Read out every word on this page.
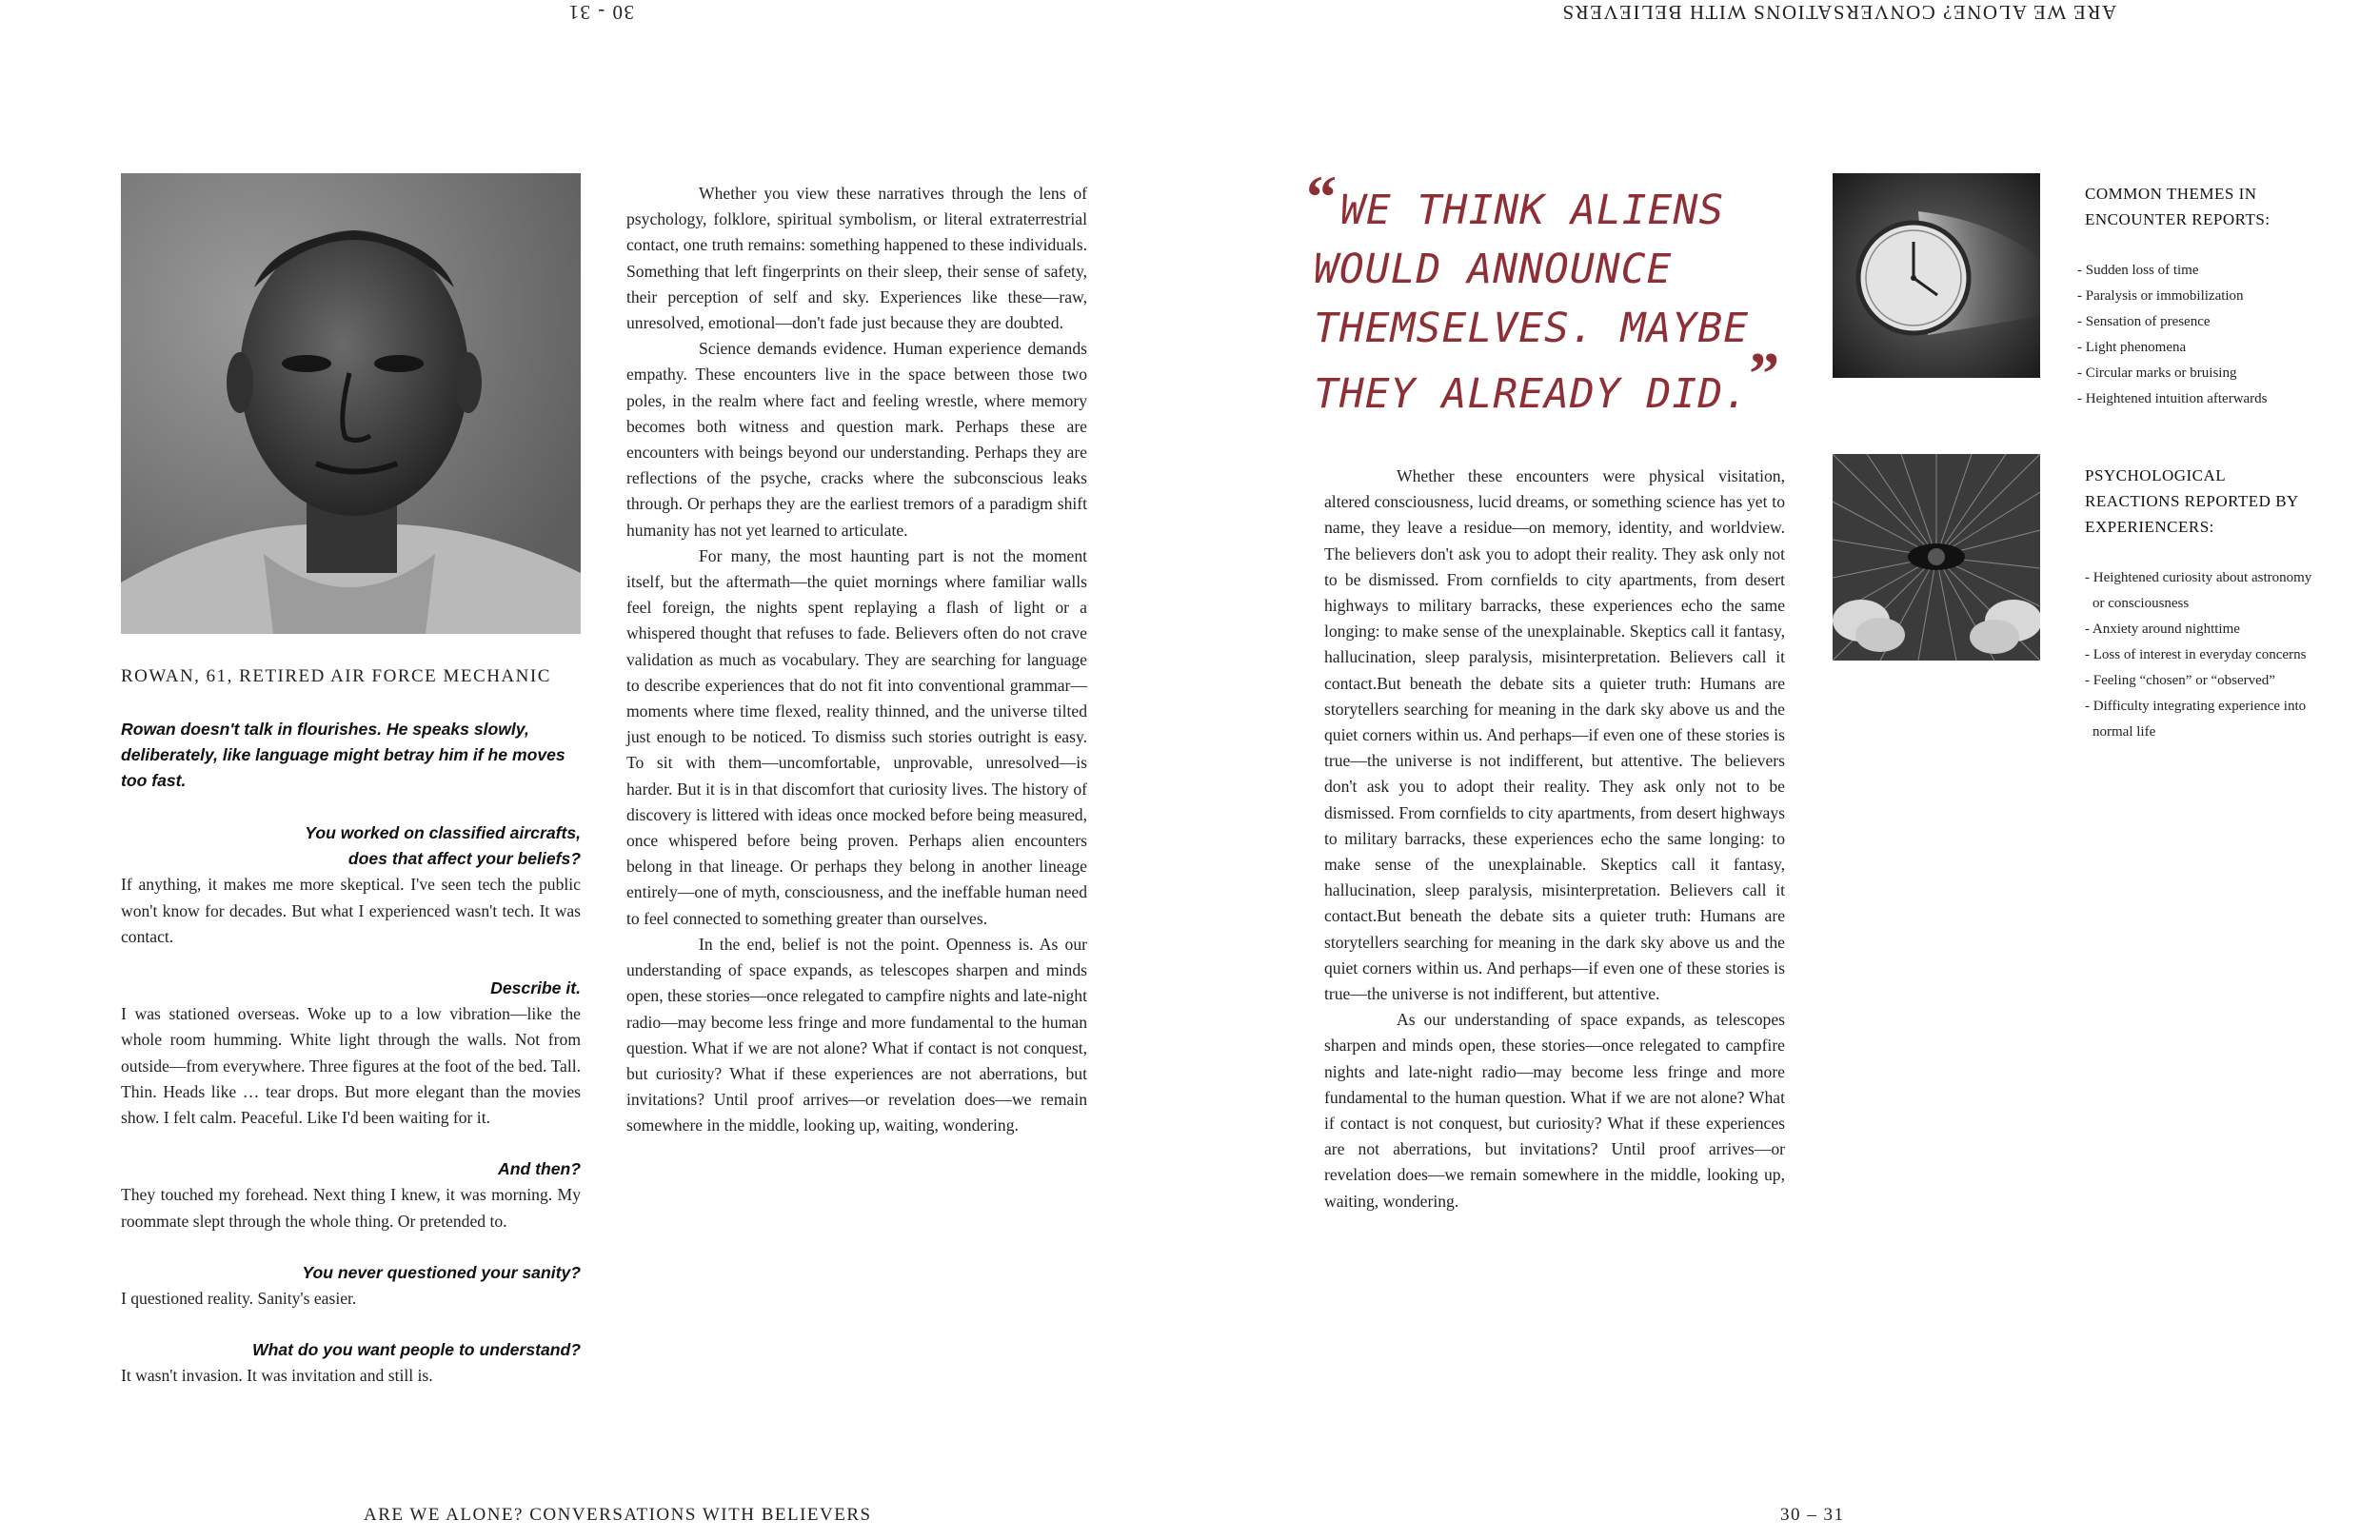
30 - 31	ARE WE ALONE? CONVERSATIONS WITH BELIEVERS
ROWAN, 61, RETIRED AIR FORCE MECHANIC
Rowan doesn't talk in flourishes. He speaks slowly, deliberately, like language might betray him if he moves too fast.
You worked on classified aircrafts,
does that affect your beliefs?
If anything, it makes me more skeptical. I've seen tech the public won't know for decades. But what I experienced wasn't tech. It was contact.
Describe it.
I was stationed overseas. Woke up to a low vibration—like the whole room humming. White light through the walls. Not from outside—from everywhere. Three figures at the foot of the bed. Tall. Thin. Heads like … tear drops. But more elegant than the movies show. I felt calm. Peaceful. Like I'd been waiting for it.
And then?
They touched my forehead. Next thing I knew, it was morning. My roommate slept through the whole thing. Or pretended to.
You never questioned your sanity?
I questioned reality. Sanity's easier.
What do you want people to understand?
It wasn't invasion. It was invitation and still is.

Whether you view these narratives through the lens of psychology, folklore, spiritual symbolism, or literal extraterrestrial contact, one truth remains: something happened to these individuals. Something that left fingerprints on their sleep, their sense of safety, their perception of self and sky. Experiences like these—raw, unresolved, emotional—don't fade just because they are doubted.

Science demands evidence. Human experience demands empathy. These encounters live in the space between those two poles, in the realm where fact and feeling wrestle, where memory becomes both witness and question mark. Perhaps these are encounters with beings beyond our understanding. Perhaps they are reflections of the psyche, cracks where the subconscious leaks through. Or perhaps they are the earliest tremors of a paradigm shift humanity has not yet learned to articulate.

For many, the most haunting part is not the moment itself, but the aftermath—the quiet mornings where familiar walls feel foreign, the nights spent replaying a flash of light or a whispered thought that refuses to fade. Believers often do not crave validation as much as vocabulary. They are searching for language to describe experiences that do not fit into conventional grammar—moments where time flexed, reality thinned, and the universe tilted just enough to be noticed. To dismiss such stories outright is easy. To sit with them—uncomfortable, unprovable, unresolved—is harder. But it is in that discomfort that curiosity lives. The history of discovery is littered with ideas once mocked before being measured, once whispered before being proven. Perhaps alien encounters belong in that lineage. Or perhaps they belong in another lineage entirely—one of myth, consciousness, and the ineffable human need to feel connected to something greater than ourselves.

In the end, belief is not the point. Openness is. As our understanding of space expands, as telescopes sharpen and minds open, these stories—once relegated to campfire nights and late-night radio—may become less fringe and more fundamental to the human question. What if we are not alone? What if contact is not conquest, but curiosity? What if these experiences are not aberrations, but invitations? Until proof arrives—or revelation does—we remain somewhere in the middle, looking up, waiting, wondering.

“ WE THINK ALIENS
WOULD ANNOUNCE
THEMSELVES. MAYBE
THEY ALREADY DID.”

Whether these encounters were physical visitation, altered consciousness, lucid dreams, or something science has yet to name, they leave a residue—on memory, identity, and worldview. The believers don't ask you to adopt their reality. They ask only not to be dismissed. From cornfields to city apartments, from desert highways to military barracks, these experiences echo the same longing: to make sense of the unexplainable. Skeptics call it fantasy, hallucination, sleep paralysis, misinterpretation. Believers call it contact.But beneath the debate sits a quieter truth: Humans are storytellers searching for meaning in the dark sky above us and the quiet corners within us. And perhaps—if even one of these stories is true—the universe is not indifferent, but attentive. The believers don't ask you to adopt their reality. They ask only not to be dismissed. From cornfields to city apartments, from desert highways to military barracks, these experiences echo the same longing: to make sense of the unexplainable. Skeptics call it fantasy, hallucination, sleep paralysis, misinterpretation. Believers call it contact.But beneath the debate sits a quieter truth: Humans are storytellers searching for meaning in the dark sky above us and the quiet corners within us. And perhaps—if even one of these stories is true—the universe is not indifferent, but attentive.

As our understanding of space expands, as telescopes sharpen and minds open, these stories—once relegated to campfire nights and late-night radio—may become less fringe and more fundamental to the human question. What if we are not alone? What if contact is not conquest, but curiosity? What if these experiences are not aberrations, but invitations? Until proof arrives—or revelation does—we remain somewhere in the middle, looking up, waiting, wondering.

COMMON THEMES IN ENCOUNTER REPORTS:
- Sudden loss of time
- Paralysis or immobilization
- Sensation of presence
- Light phenomena
- Circular marks or bruising
- Heightened intuition afterwards
PSYCHOLOGICAL REACTIONS REPORTED BY EXPERIENCERS:
- Heightened curiosity about astronomy or consciousness
- Anxiety around nighttime
- Loss of interest in everyday concerns
- Feeling “chosen” or “observed”
- Difficulty integrating experience into normal life
ARE WE ALONE? CONVERSATIONS WITH BELIEVERS	30 – 31
